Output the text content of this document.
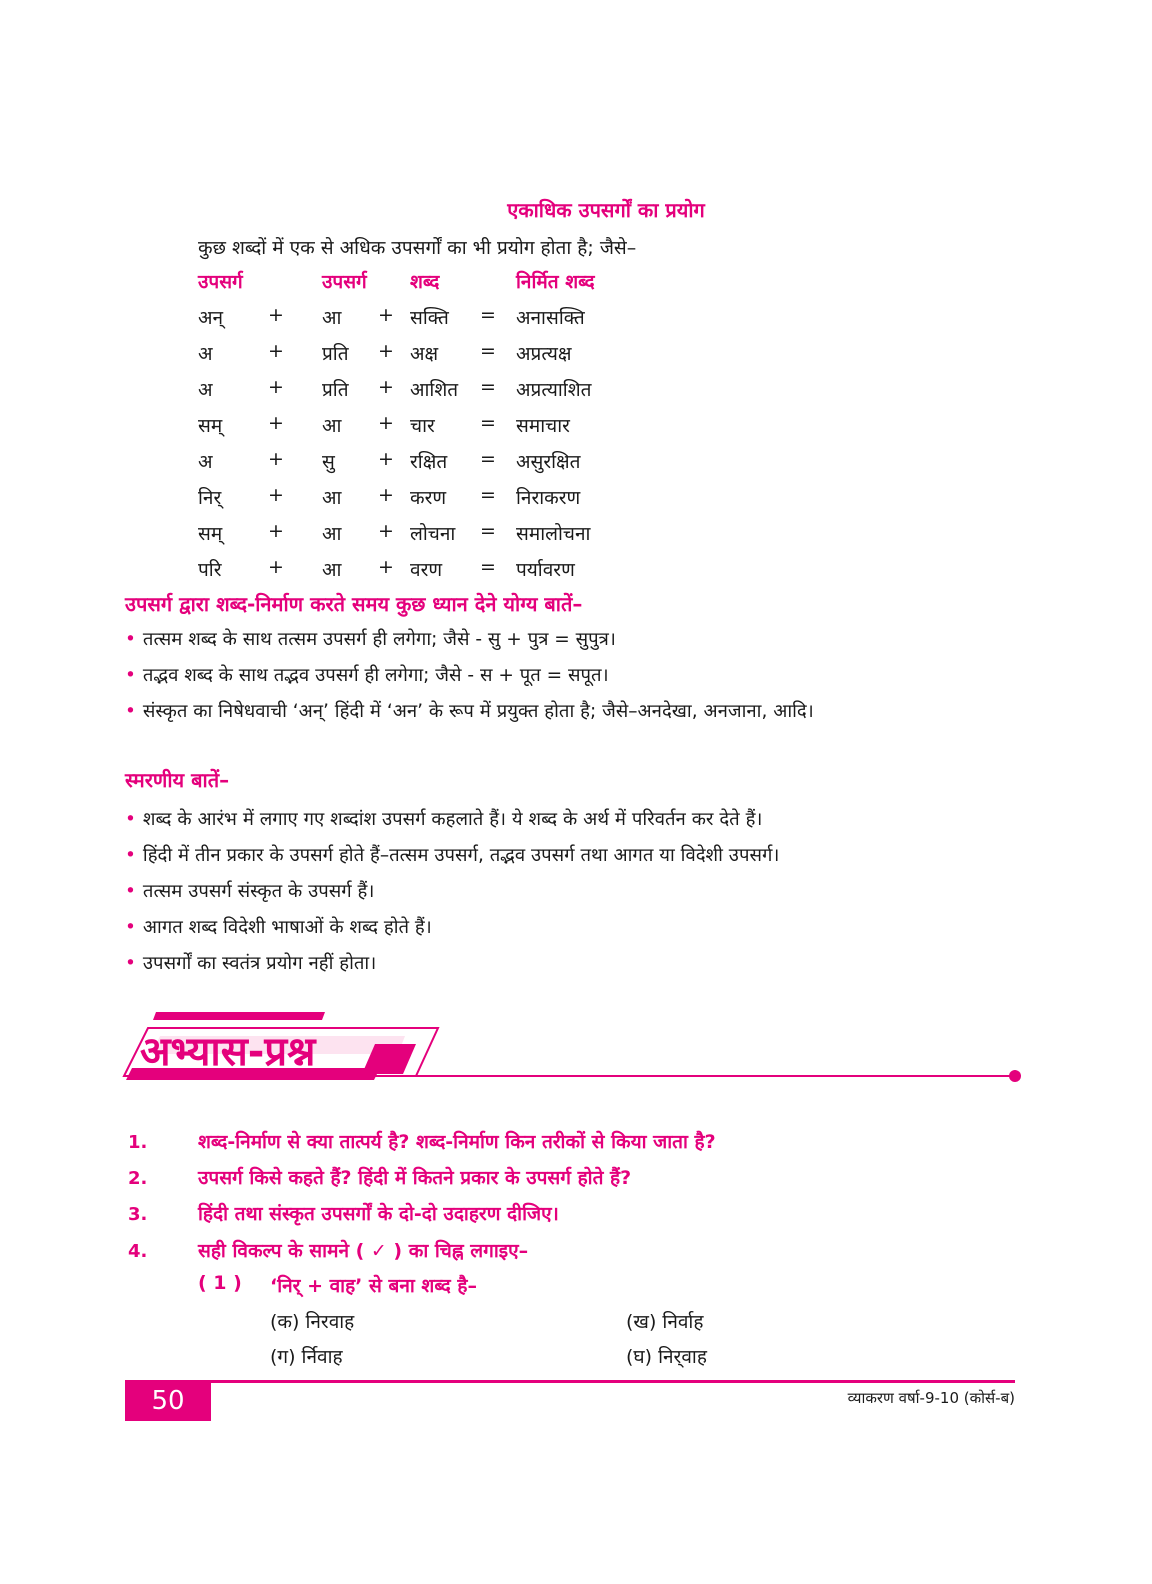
एकाधिक उपसर्गों का प्रयोग
कुछ शब्दों में एक से अधिक उपसर्गों का भी प्रयोग होता है; जैसे–
उपसर्ग	उपसर्ग शब्द	निर्मित शब्द
अन् + आ + सक्ति = अनासक्ति
अ	+ प्रति + अक्ष = अप्रत्यक्ष
अ	+ प्रति + आशित = अप्रत्याशित
सम् + आ + चार = समाचार
अ	+ सु + रक्षित = असुरक्षित
निर् + आ + करण = निराकरण
सम् + आ + लोचना = समालोचना
परि + आ + वरण = पर्यावरण
उपसर्ग द्वारा शब्द-निर्माण करते समय कुछ ध्यान देने योग्य बातें–
• तत्सम शब्द के साथ तत्सम उपसर्ग ही लगेगा; जैसे - सु + पुत्र = सुपुत्र।
• तद्भव शब्द के साथ तद्भव उपसर्ग ही लगेगा; जैसे - स + पूत = सपूत।
• संस्कृत का निषेधवाची ‘अन्’ हिंदी में ‘अन’ के रूप में प्रयुक्त होता है; जैसे–अनदेखा, अनजाना, आदि।
स्मरणीय बातें–
• शब्द के आरंभ में लगाए गए शब्दांश उपसर्ग कहलाते हैं। ये शब्द के अर्थ में परिवर्तन कर देते हैं।
• हिंदी में तीन प्रकार के उपसर्ग होते हैं–तत्सम उपसर्ग, तद्भव उपसर्ग तथा आगत या विदेशी उपसर्ग।
• तत्सम उपसर्ग संस्कृत के उपसर्ग हैं।
• आगत शब्द विदेशी भाषाओं के शब्द होते हैं।
• उपसर्गों का स्वतंत्र प्रयोग नहीं होता।
अभ्यास-प्रश्न
1.	शब्द-निर्माण से क्या तात्पर्य है? शब्द-निर्माण किन तरीकों से किया जाता है?
2.	उपसर्ग किसे कहते हैं? हिंदी में कितने प्रकार के उपसर्ग होते हैं?
3.	हिंदी तथा संस्कृत उपसर्गों के दो-दो उदाहरण दीजिए।
4.	सही विकल्प के सामने ( ✓ ) का चिह्न लगाइए–
( 1 ) ‘निर् + वाह’ से बना शब्द है–
(क) निरवाह	(ख) निर्वाह
(ग) र्निवाह	(घ) निर्‌वाह
50	व्याकरण वर्षा-9-10 (कोर्स-ब)
